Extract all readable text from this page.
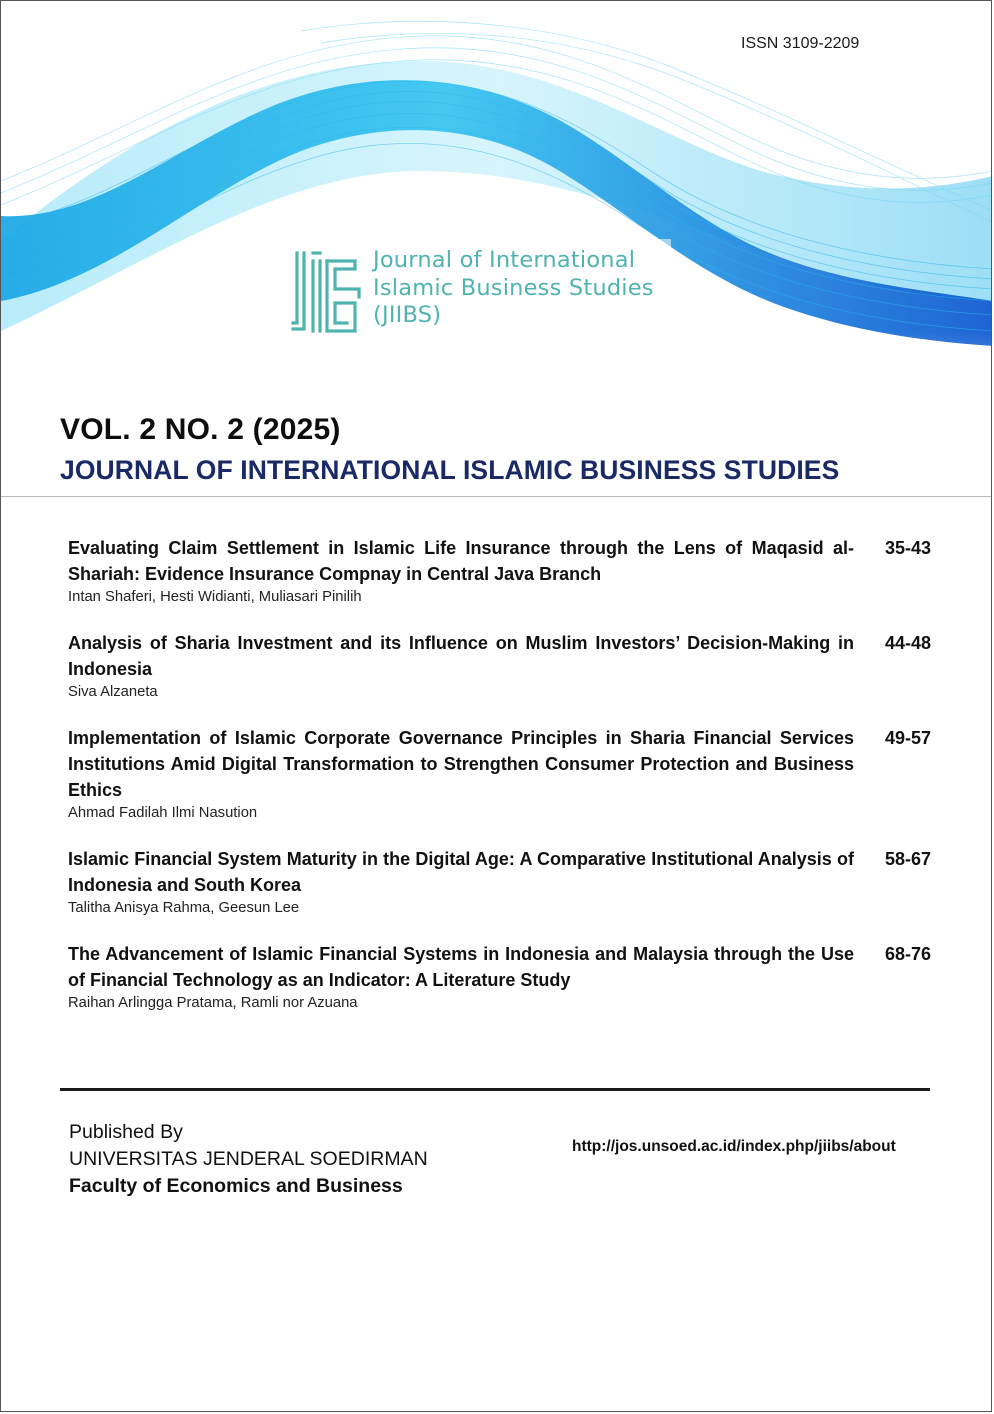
ISSN 3109-2209
Journal of International
Islamic Business Studies
(JIIBS)
VOL. 2 NO. 2 (2025)
JOURNAL OF INTERNATIONAL ISLAMIC BUSINESS STUDIES
Evaluating Claim Settlement in Islamic Life Insurance through the Lens of Maqasid al-Shariah: Evidence Insurance Compnay in Central Java Branch
Intan Shaferi, Hesti Widianti, Muliasari Pinilih
35-43
Analysis of Sharia Investment and its Influence on Muslim Investors’ Decision-Making in Indonesia
Siva Alzaneta
44-48
Implementation of Islamic Corporate Governance Principles in Sharia Financial Services Institutions Amid Digital Transformation to Strengthen Consumer Protection and Business Ethics
Ahmad Fadilah Ilmi Nasution
49-57
Islamic Financial System Maturity in the Digital Age: A Comparative Institutional Analysis of Indonesia and South Korea
Talitha Anisya Rahma, Geesun Lee
58-67
The Advancement of Islamic Financial Systems in Indonesia and Malaysia through the Use of Financial Technology as an Indicator: A Literature Study
Raihan Arlingga Pratama, Ramli nor Azuana
68-76
Published By
UNIVERSITAS JENDERAL SOEDIRMAN
Faculty of Economics and Business
http://jos.unsoed.ac.id/index.php/jiibs/about
